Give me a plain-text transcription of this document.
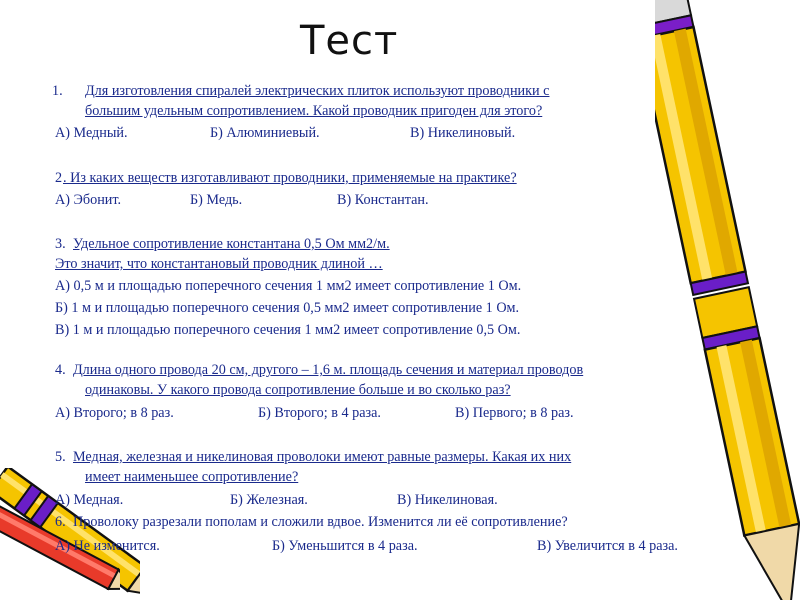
Тест
1. Для изготовления спиралей электрических плиток используют проводники с
большим удельным сопротивлением. Какой проводник пригоден для этого?
А) Медный.	Б) Алюминиевый.	В) Никелиновый.
2 . Из каких веществ изготавливают проводники, применяемые на практике?
А) Эбонит.	Б) Медь.	В) Константан.
3. Удельное сопротивление константана 0,5 Ом мм2/м.
Это значит, что константановый проводник длиной …
А) 0,5 м и площадью поперечного сечения 1 мм2 имеет сопротивление 1 Ом.
Б) 1 м и площадью поперечного сечения 0,5 мм2 имеет сопротивление 1 Ом.
В) 1 м и площадью поперечного сечения 1 мм2 имеет сопротивление 0,5 Ом.
4. Длина одного провода 20 см, другого – 1,6 м. площадь сечения и материал проводов
одинаковы. У какого провода сопротивление больше и во сколько раз?
А) Второго; в 8 раз.	Б) Второго; в 4 раза.	В) Первого; в 8 раз.
5. Медная, железная и никелиновая проволоки имеют равные размеры. Какая их них
имеет наименьшее сопротивление?
А) Медная.	Б) Железная.	В) Никелиновая.
6. Проволоку разрезали пополам и сложили вдвое. Изменится ли её сопротивление?
А) Не изменится.	Б) Уменьшится в 4 раза.	В) Увеличится в 4 раза.
